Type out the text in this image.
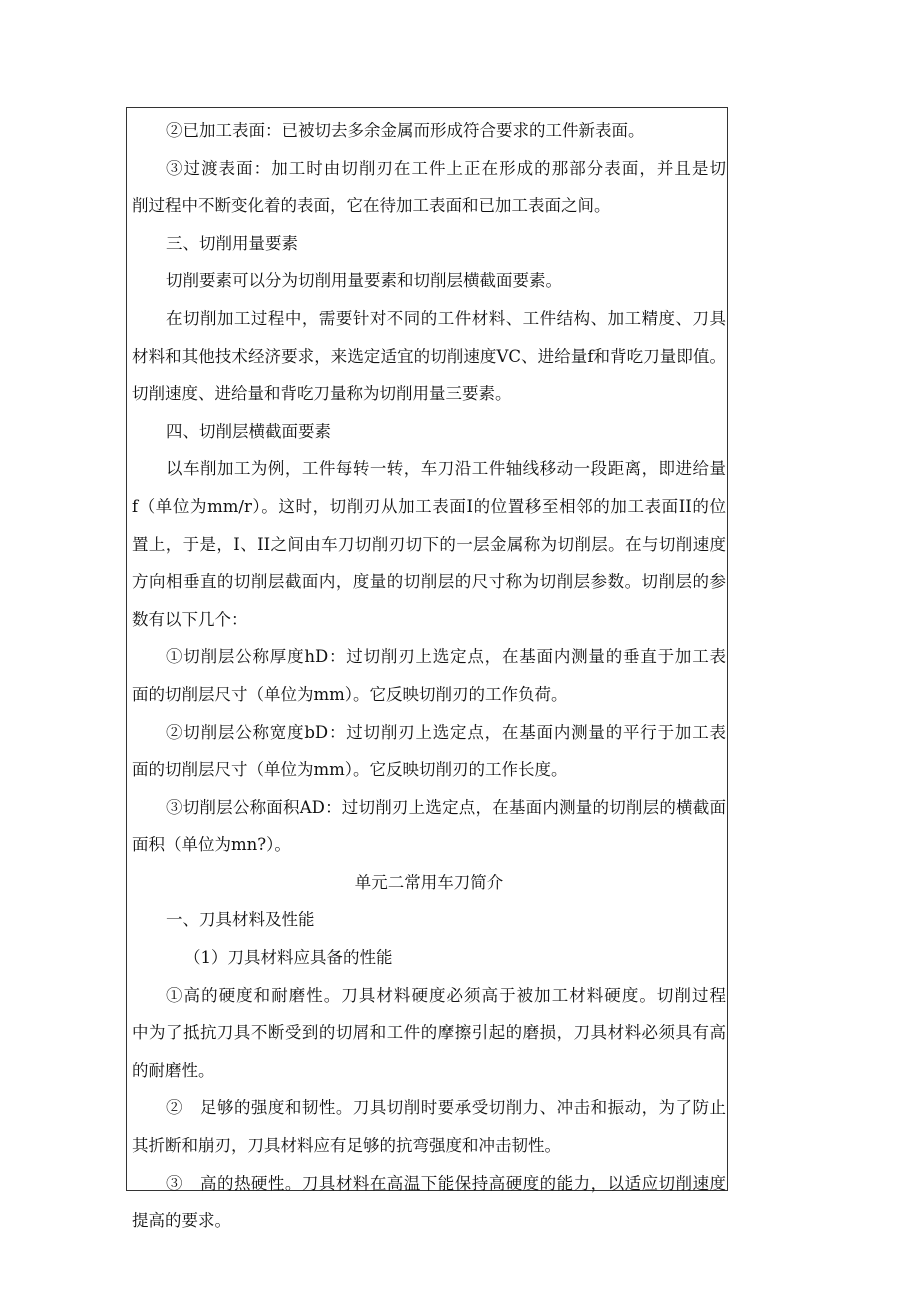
②已加工表面：已被切去多余金属而形成符合要求的工件新表面。
③过渡表面：加工时由切削刃在工件上正在形成的那部分表面，并且是切
削过程中不断变化着的表面，它在待加工表面和已加工表面之间。
三、切削用量要素
切削要素可以分为切削用量要素和切削层横截面要素。
在切削加工过程中，需要针对不同的工件材料、工件结构、加工精度、刀具
材料和其他技术经济要求，来选定适宜的切削速度VC、进给量f和背吃刀量即值。
切削速度、进给量和背吃刀量称为切削用量三要素。
四、切削层横截面要素
以车削加工为例，工件每转一转，车刀沿工件轴线移动一段距离，即进给量
f（单位为mm∕r）。这时，切削刃从加工表面I的位置移至相邻的加工表面II的位
置上，于是，I、II之间由车刀切削刃切下的一层金属称为切削层。在与切削速度
方向相垂直的切削层截面内，度量的切削层的尺寸称为切削层参数。切削层的参
数有以下几个：
①切削层公称厚度hD：过切削刃上选定点，在基面内测量的垂直于加工表
面的切削层尺寸（单位为mm）。它反映切削刃的工作负荷。
②切削层公称宽度bD：过切削刃上选定点，在基面内测量的平行于加工表
面的切削层尺寸（单位为mm）。它反映切削刃的工作长度。
③切削层公称面积AD：过切削刃上选定点，在基面内测量的切削层的横截面
面积（单位为mn?）。
单元二常用车刀简介
一、刀具材料及性能
（1）刀具材料应具备的性能
①高的硬度和耐磨性。刀具材料硬度必须高于被加工材料硬度。切削过程
中为了抵抗刀具不断受到的切屑和工件的摩擦引起的磨损，刀具材料必须具有高
的耐磨性。
②　足够的强度和韧性。刀具切削时要承受切削力、冲击和振动，为了防止
其折断和崩刃，刀具材料应有足够的抗弯强度和冲击韧性。
③　高的热硬性。刀具材料在高温下能保持高硬度的能力，以适应切削速度
提高的要求。
